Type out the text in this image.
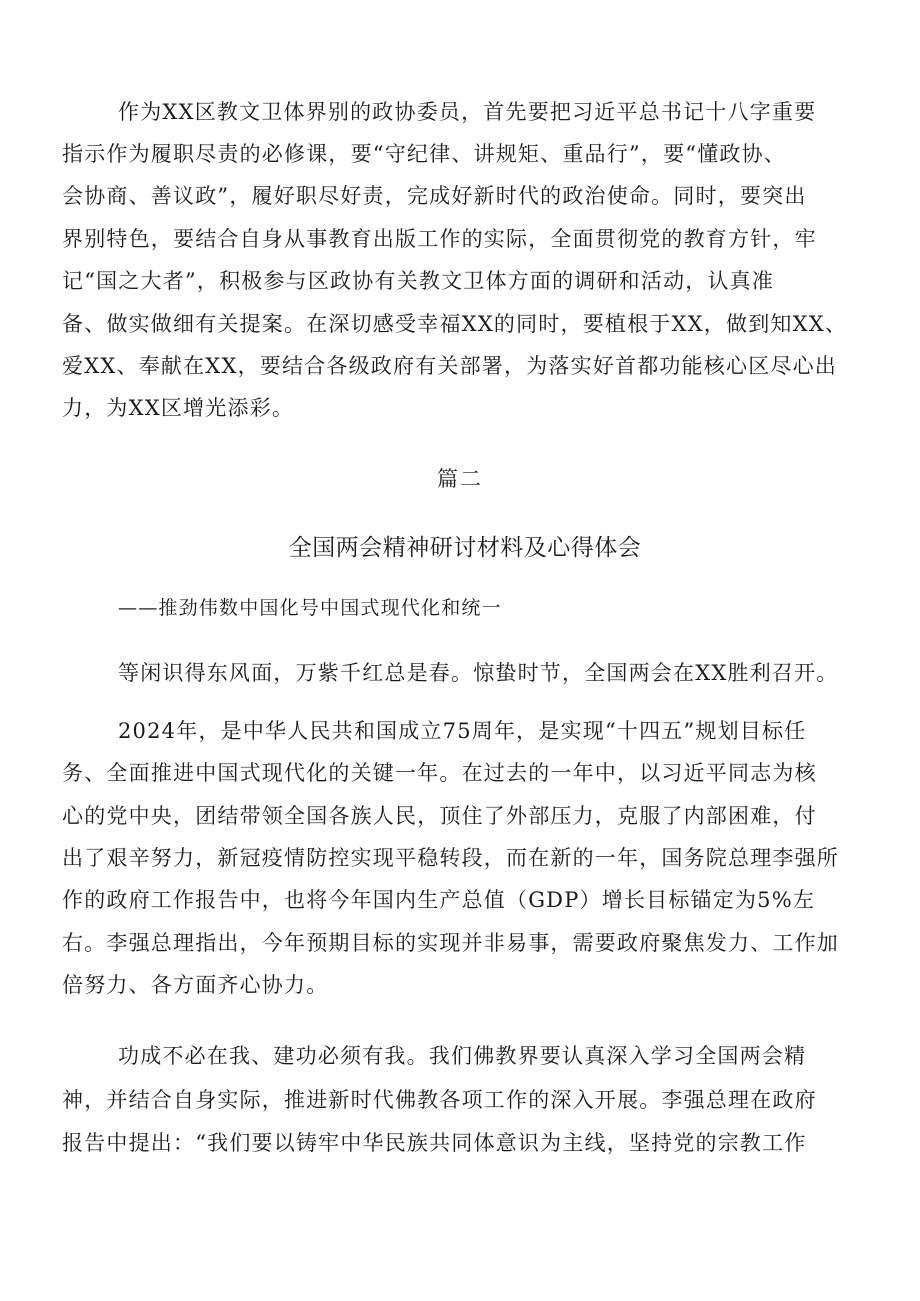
作为XX区教文卫体界别的政协委员，首先要把习近平总书记十八字重要
指示作为履职尽责的必修课，要“守纪律、讲规矩、重品行”，要“懂政协、
会协商、善议政”，履好职尽好责，完成好新时代的政治使命。同时，要突出
界别特色，要结合自身从事教育出版工作的实际，全面贯彻党的教育方针，牢
记“国之大者”，积极参与区政协有关教文卫体方面的调研和活动，认真准
备、做实做细有关提案。在深切感受幸福XX的同时，要植根于XX，做到知XX、
爱XX、奉献在XX，要结合各级政府有关部署，为落实好首都功能核心区尽心出
力，为XX区增光添彩。
篇二
全国两会精神研讨材料及心得体会
——推劲伟数中国化号中国式现代化和统一
等闲识得东风面，万紫千红总是春。惊蛰时节，全国两会在XX胜利召开。
2024年，是中华人民共和国成立75周年，是实现“十四五”规划目标任
务、全面推进中国式现代化的关键一年。在过去的一年中，以习近平同志为核
心的党中央，团结带领全国各族人民，顶住了外部压力，克服了内部困难，付
出了艰辛努力，新冠疫情防控实现平稳转段，而在新的一年，国务院总理李强所
作的政府工作报告中，也将今年国内生产总值（GDP）增长目标锚定为5%左
右。李强总理指出，今年预期目标的实现并非易事，需要政府聚焦发力、工作加
倍努力、各方面齐心协力。
功成不必在我、建功必须有我。我们佛教界要认真深入学习全国两会精
神，并结合自身实际，推进新时代佛教各项工作的深入开展。李强总理在政府
报告中提出：“我们要以铸牢中华民族共同体意识为主线，坚持党的宗教工作
